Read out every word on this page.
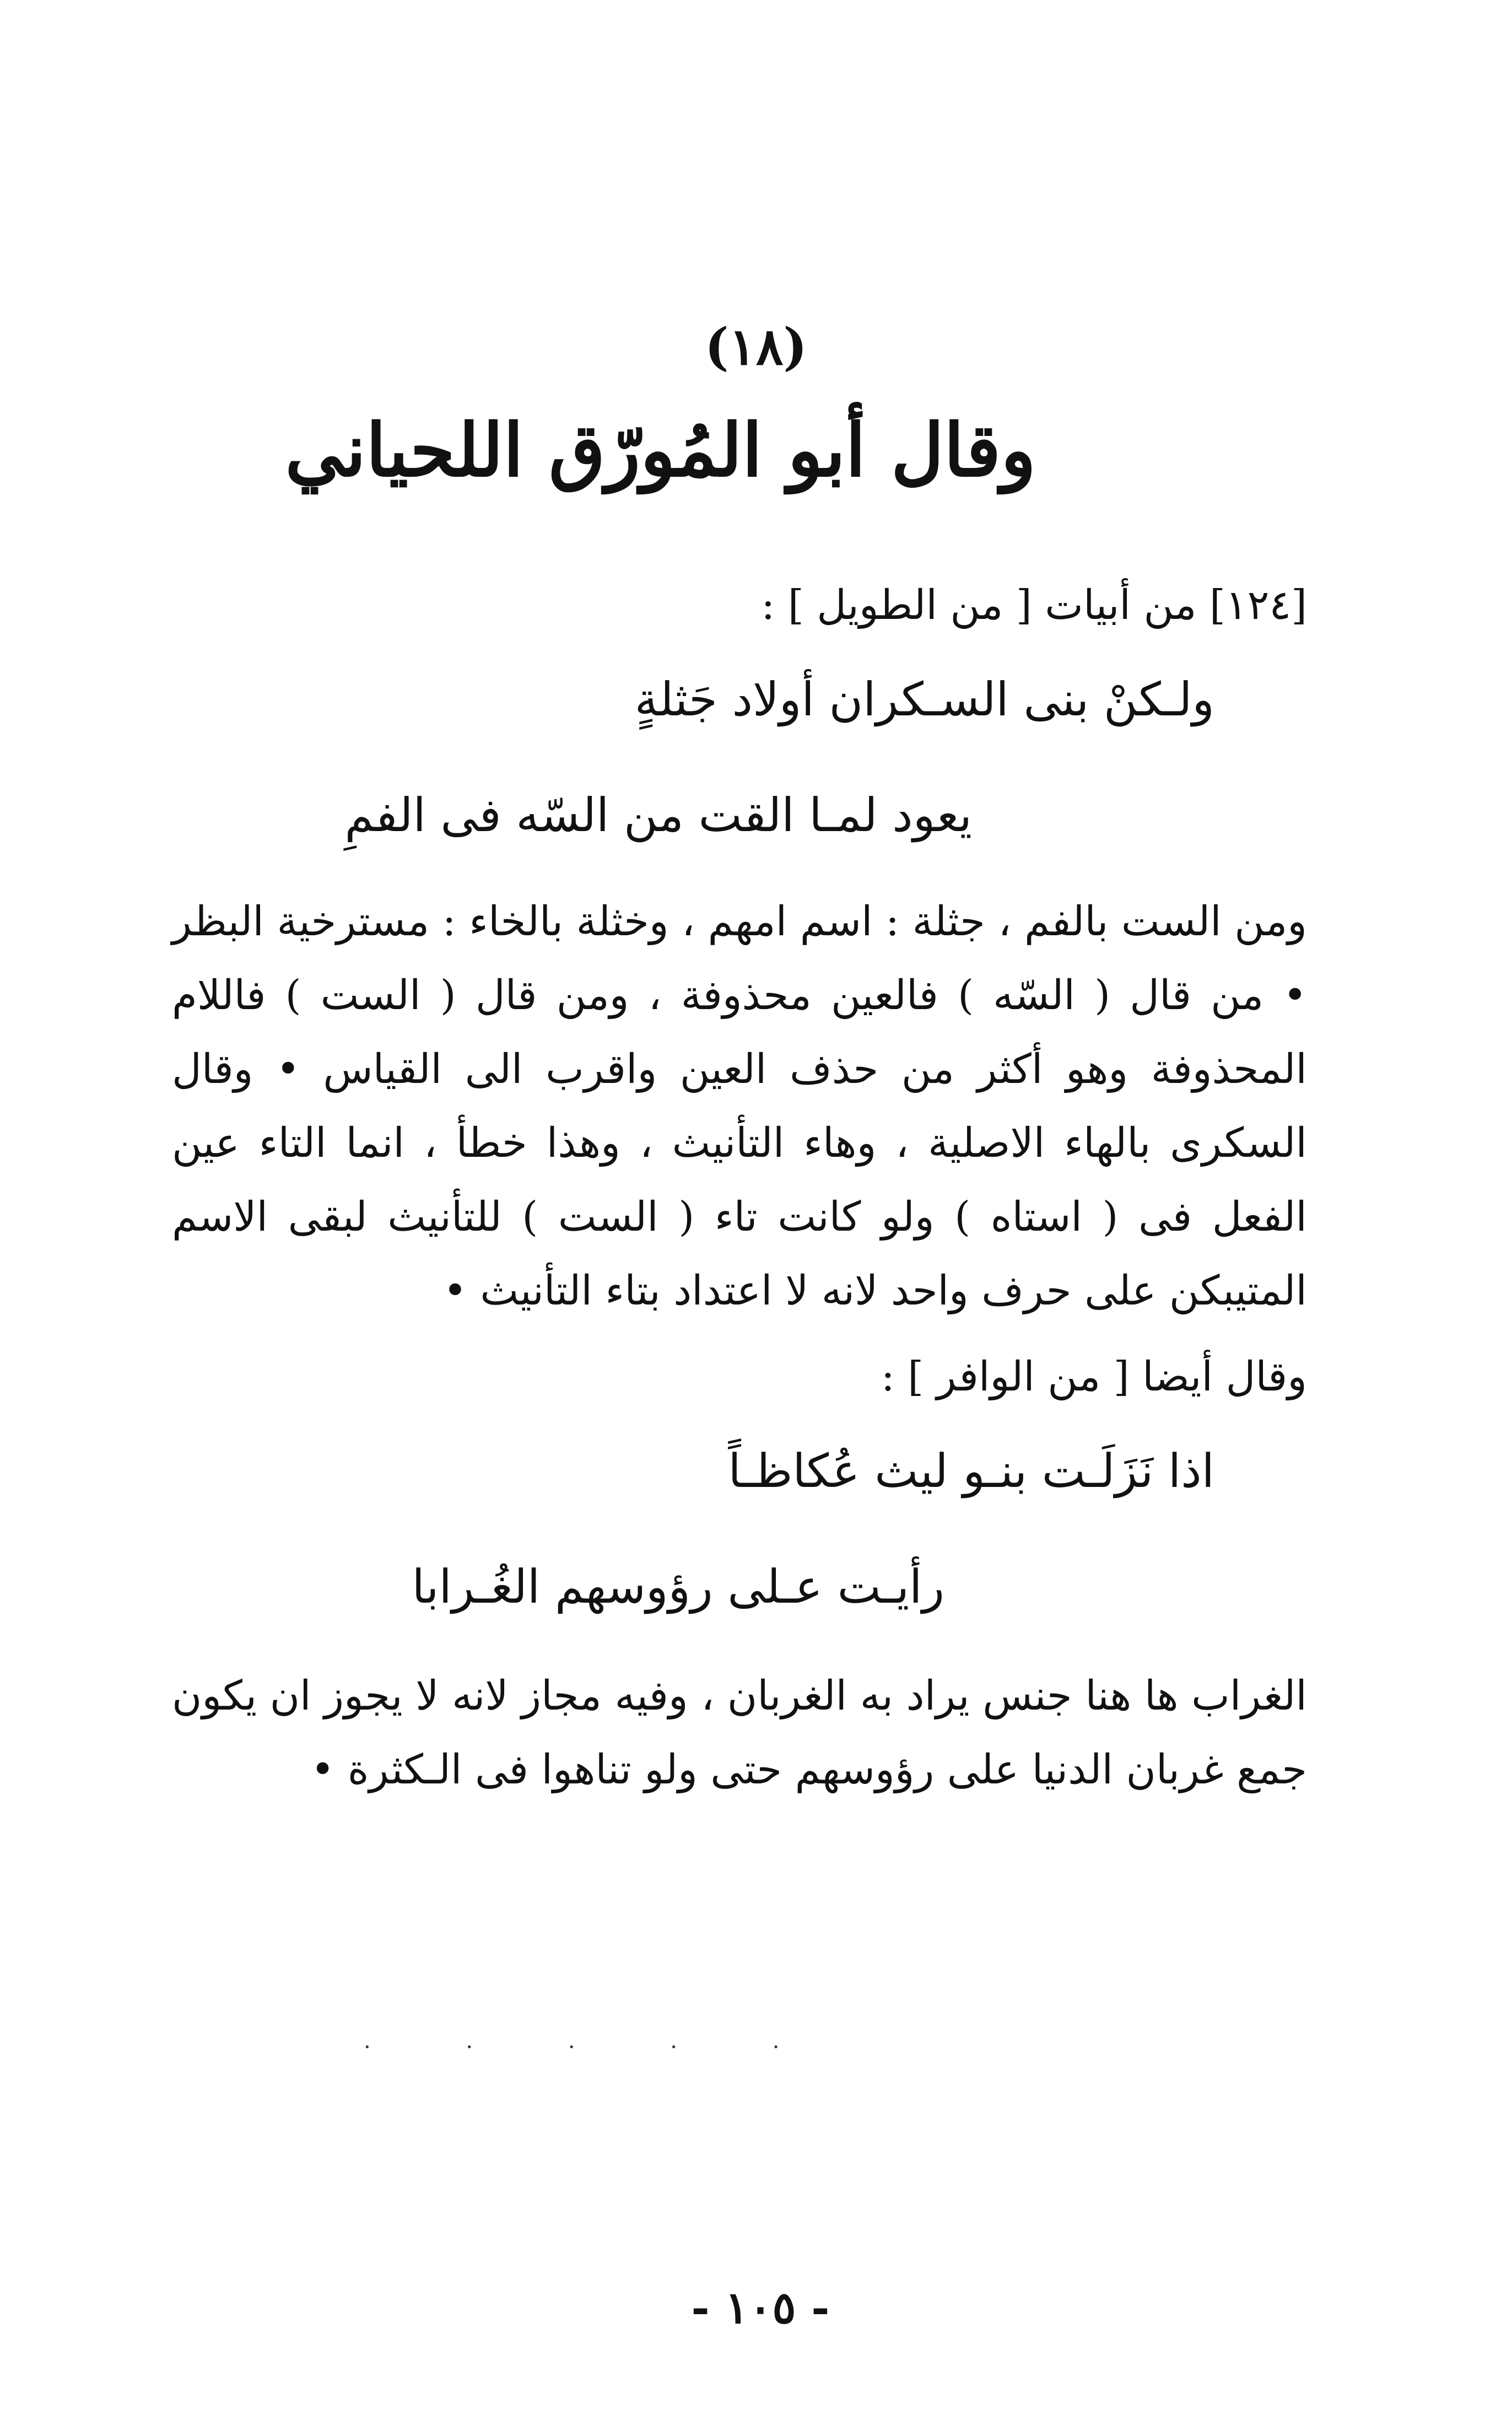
(١٨)
وقال أبو المُورّق اللحياني
[١٢٤] من أبيات [ من الطويل ] :
ولـكنْ بنى السـكران أولاد جَثلةٍ
يعود لمـا القت من السّه فى الفمِ
ومن الست بالفم ، جثلة : اسم امهم ، وخثلة بالخاء : مسترخية البظر • من قال ( السّه ) فالعين محذوفة ، ومن قال ( الست ) فاللام المحذوفة وهو أكثر من حذف العين واقرب الى القياس • وقال السكرى بالهاء الاصلية ، وهاء التأنيث ، وهذا خطأ ، انما التاء عين الفعل فى ( استاه ) ولو كانت تاء ( الست ) للتأنيث لبقى الاسم المتيبكن على حرف واحد لانه لا اعتداد بتاء التأنيث •
وقال أيضا [ من الوافر ] :
اذا نَزَلَـت بنـو ليث عُكاظـاً
رأيـت عـلى رؤوسهم الغُـرابا
الغراب ها هنا جنس يراد به الغربان ، وفيه مجاز لانه لا يجوز ان يكون جمع غربان الدنيا على رؤوسهم حتى ولو تناهوا فى الـكثرة •
. . . . .
- ١٠٥ -
